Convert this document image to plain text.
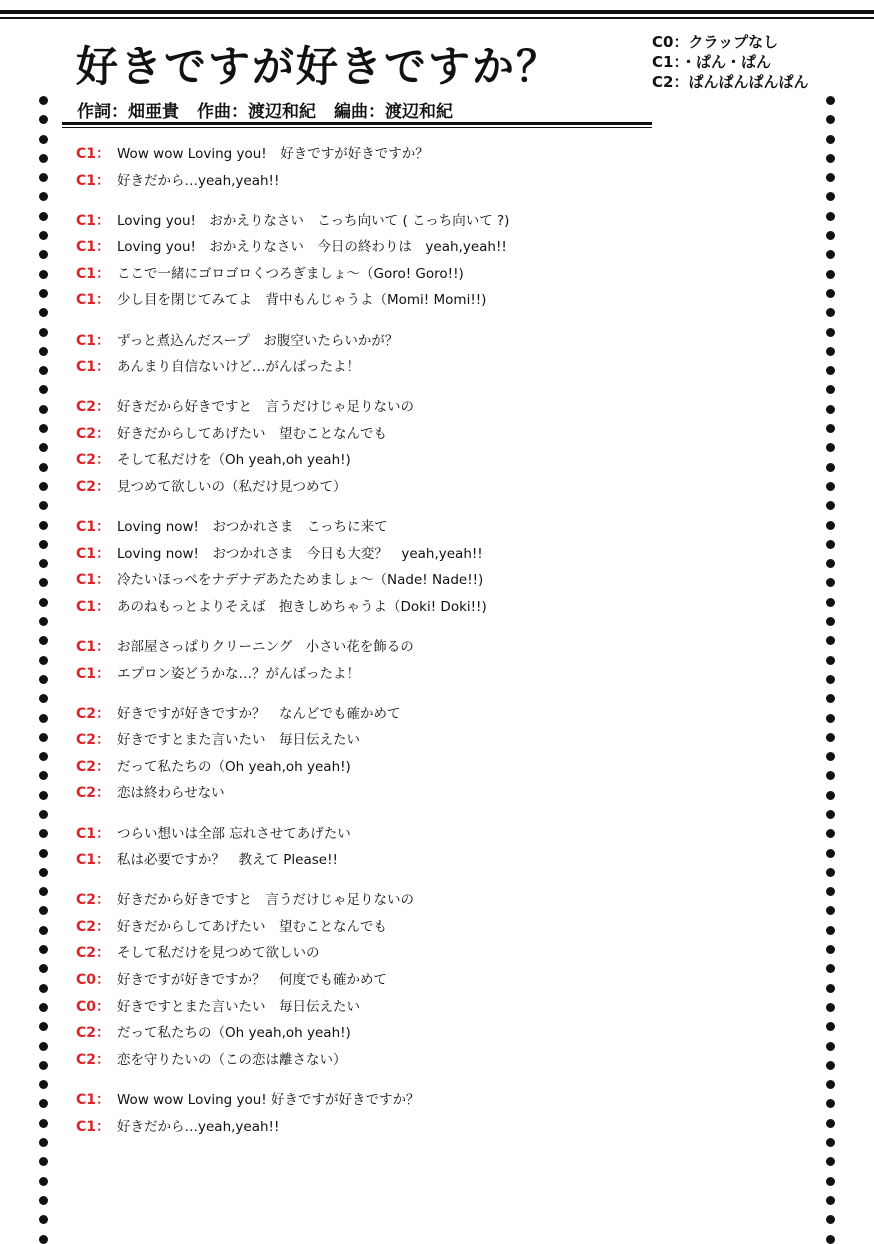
好きですが好きですか？	C0：クラップなし
C1：・ぱん・ぱん
C2：ぱんぱんぱんぱん
作詞：畑亜貴 作曲：渡辺和紀 編曲：渡辺和紀
C1： Wow wow Loving you!　好きですが好きですか？
C1： 好きだから…yeah,yeah!!
C1： Loving you!　おかえりなさい　こっち向いて ( こっち向いて ?)
C1： Loving you!　おかえりなさい　今日の終わりは　yeah,yeah!!
C1： ここで一緒にゴロゴロくつろぎましょ〜（Goro! Goro!!)
C1： 少し目を閉じてみてよ　背中もんじゃうよ（Momi! Momi!!)
C1： ずっと煮込んだスープ　お腹空いたらいかが？
C1： あんまり自信ないけど…がんばったよ！
C2： 好きだから好きですと　言うだけじゃ足りないの
C2： 好きだからしてあげたい　望むことなんでも
C2： そして私だけを（Oh yeah,oh yeah!)
C2： 見つめて欲しいの（私だけ見つめて）
C1： Loving now!　おつかれさま　こっちに来て
C1： Loving now!　おつかれさま　今日も大変？　yeah,yeah!!
C1： 冷たいほっぺをナデナデあたためましょ〜（Nade! Nade!!)
C1： あのねもっとよりそえば　抱きしめちゃうよ（Doki! Doki!!)
C1： お部屋さっぱりクリーニング　小さい花を飾るの
C1： エプロン姿どうかな…？がんばったよ！
C2： 好きですが好きですか？　なんどでも確かめて
C2： 好きですとまた言いたい　毎日伝えたい
C2： だって私たちの（Oh yeah,oh yeah!)
C2： 恋は終わらせない
C1： つらい想いは全部 忘れさせてあげたい
C1： 私は必要ですか？　教えて Please!!
C2： 好きだから好きですと　言うだけじゃ足りないの
C2： 好きだからしてあげたい　望むことなんでも
C2： そして私だけを見つめて欲しいの
C0： 好きですが好きですか？　何度でも確かめて
C0： 好きですとまた言いたい　毎日伝えたい
C2： だって私たちの（Oh yeah,oh yeah!)
C2： 恋を守りたいの（この恋は離さない）
C1： Wow wow Loving you! 好きですが好きですか？
C1： 好きだから…yeah,yeah!!
